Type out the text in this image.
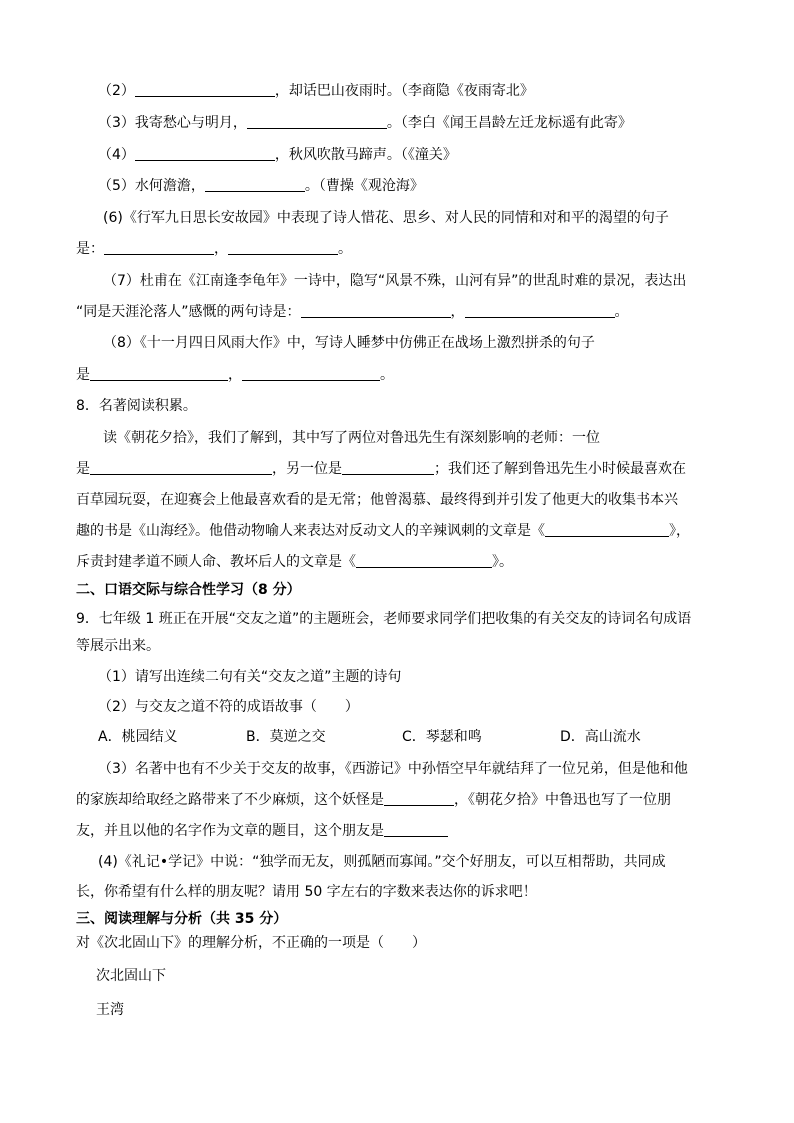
（2）	，却话巴山夜雨时。（李商隐《夜雨寄北》
（3）我寄愁心与明月，	。（李白《闻王昌龄左迁龙标遥有此寄》
（4）	，秋风吹散马蹄声。（《潼关》
（5）水何澹澹，	。（曹操《观沧海》
(6)《行军九日思长安故园》中表现了诗人惜花、思乡、对人民的同情和对和平的渴望的句子
是：	，	。
（7）杜甫在《江南逢李龟年》一诗中，隐写“风景不殊，山河有异”的世乱时难的景况，表达出
“同是天涯沦落人”感慨的两句诗是：	，	。
（8）《十一月四日风雨大作》中，写诗人睡梦中仿佛正在战场上激烈拼杀的句子
是	，	。
8．名著阅读积累。
读《朝花夕拾》，我们了解到，其中写了两位对鲁迅先生有深刻影响的老师：一位
是	，另一位是	；我们还了解到鲁迅先生小时候最喜欢在
百草园玩耍，在迎赛会上他最喜欢看的是无常；他曾渴慕、最终得到并引发了他更大的收集书本兴
趣的书是《山海经》。他借动物喻人来表达对反动文人的辛辣讽刺的文章是《	》，
斥责封建孝道不顾人命、教坏后人的文章是《	》。
二、口语交际与综合性学习（8 分）
9．七年级 1 班正在开展“交友之道”的主题班会，老师要求同学们把收集的有关交友的诗词名句成语
等展示出来。
（1）请写出连续二句有关“交友之道”主题的诗句
（2）与交友之道不符的成语故事（　　）
A．桃园结义	B．莫逆之交	C．琴瑟和鸣	D．高山流水
（3）名著中也有不少关于交友的故事，《西游记》中孙悟空早年就结拜了一位兄弟，但是他和他
的家族却给取经之路带来了不少麻烦，这个妖怪是	，《朝花夕拾》中鲁迅也写了一位朋
友，并且以他的名字作为文章的题目，这个朋友是
(4)《礼记•学记》中说：“独学而无友，则孤陋而寡闻。”交个好朋友，可以互相帮助，共同成
长，你希望有什么样的朋友呢？请用 50 字左右的字数来表达你的诉求吧！
三、阅读理解与分析（共 35 分）
对《次北固山下》的理解分析，不正确的一项是（　　）
次北固山下
王湾
